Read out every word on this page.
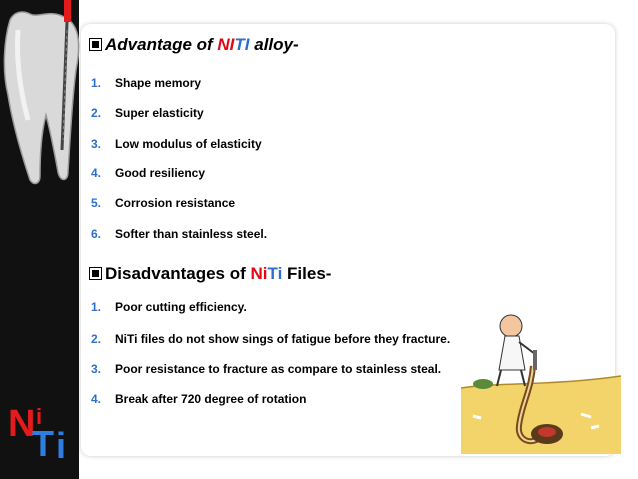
N i
T i
Advantage of NITI alloy-
1. Shape memory
2. Super elasticity
3. Low modulus of elasticity
4. Good resiliency
5. Corrosion resistance
6. Softer than stainless steel.
Disadvantages of NiTi Files-
1. Poor cutting efficiency.
2. NiTi files do not show sings of fatigue before they fracture.
3. Poor resistance to fracture as compare to stainless steal.
4. Break after 720 degree of rotation
